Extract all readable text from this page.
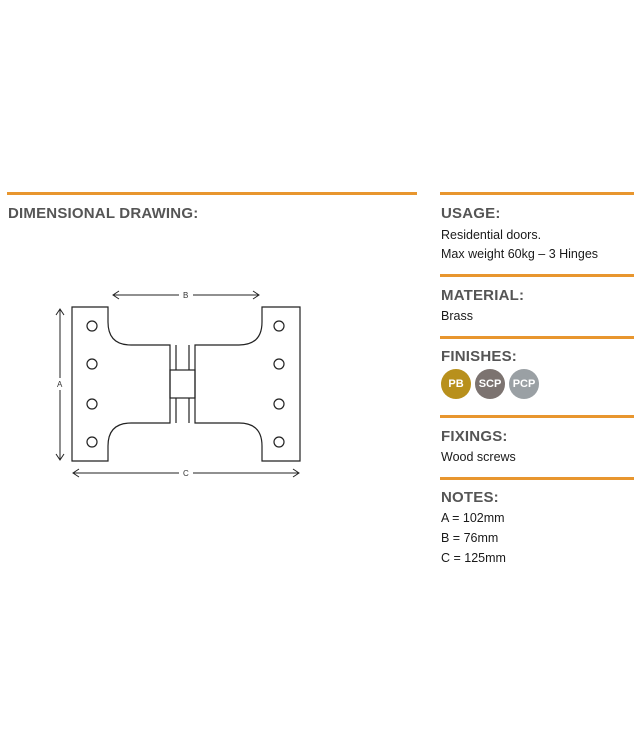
DIMENSIONAL DRAWING:
A
B
C
USAGE:
Residential doors.
Max weight 60kg – 3 Hinges
MATERIAL:
Brass
FINISHES:
PB	SCP	PCP
FIXINGS:
Wood screws
NOTES:
A = 102mm
B = 76mm
C = 125mm
